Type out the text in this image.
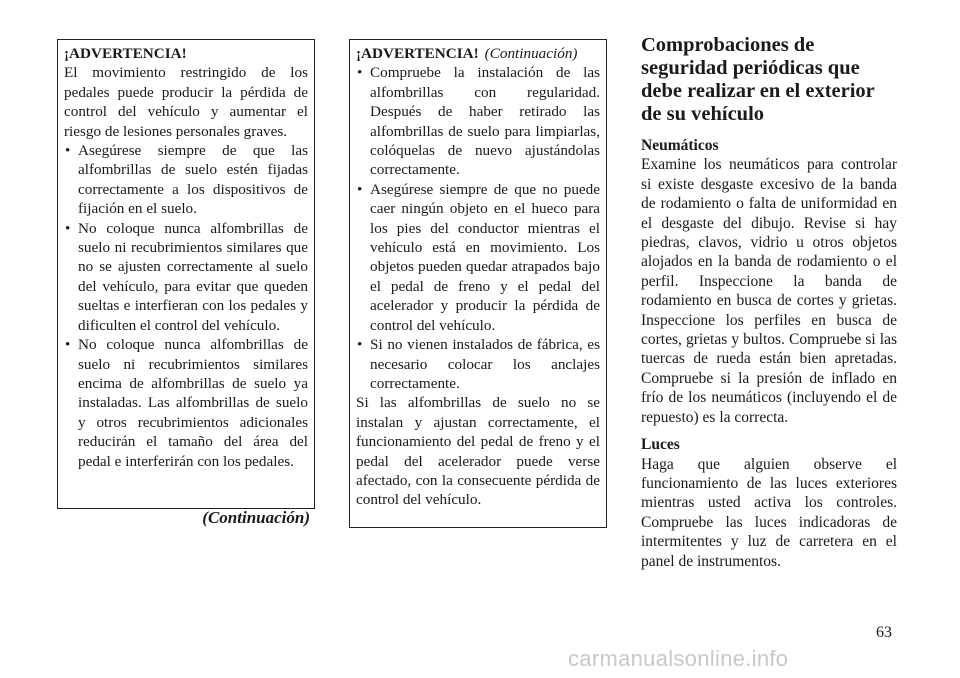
¡ADVERTENCIA!

El movimiento restringido de los pedales puede producir la pérdida de control del vehículo y aumentar el riesgo de lesiones personales graves.

• Asegúrese siempre de que las alfombrillas de suelo estén fijadas correctamente a los dispositivos de fijación en el suelo.
• No coloque nunca alfombrillas de suelo ni recubrimientos similares que no se ajusten correctamente al suelo del vehículo, para evitar que queden sueltas e interfieran con los pedales y dificulten el control del vehículo.
• No coloque nunca alfombrillas de suelo ni recubrimientos similares encima de alfombrillas de suelo ya instaladas. Las alfombrillas de suelo y otros recubrimientos adicionales reducirán el tamaño del área del pedal e interferirán con los pedales.
(Continuación)
¡ADVERTENCIA! (Continuación)
• Compruebe la instalación de las alfombrillas con regularidad. Después de haber retirado las alfombrillas de suelo para limpiarlas, colóquelas de nuevo ajustándolas correctamente.
• Asegúrese siempre de que no puede caer ningún objeto en el hueco para los pies del conductor mientras el vehículo está en movimiento. Los objetos pueden quedar atrapados bajo el pedal de freno y el pedal del acelerador y producir la pérdida de control del vehículo.
• Si no vienen instalados de fábrica, es necesario colocar los anclajes correctamente.

Si las alfombrillas de suelo no se instalan y ajustan correctamente, el funcionamiento del pedal de freno y el pedal del acelerador puede verse afectado, con la consecuente pérdida de control del vehículo.

Comprobaciones de seguridad periódicas que debe realizar en el exterior de su vehículo
Neumáticos

Examine los neumáticos para controlar si existe desgaste excesivo de la banda de rodamiento o falta de uniformidad en el desgaste del dibujo. Revise si hay piedras, clavos, vidrio u otros objetos alojados en la banda de rodamiento o el perfil. Inspeccione la banda de rodamiento en busca de cortes y grietas. Inspeccione los perfiles en busca de cortes, grietas y bultos. Compruebe si las tuercas de rueda están bien apretadas. Compruebe si la presión de inflado en frío de los neumáticos (incluyendo el de repuesto) es la correcta.

Luces

Haga que alguien observe el funcionamiento de las luces exteriores mientras usted activa los controles. Compruebe las luces indicadoras de intermitentes y luz de carretera en el panel de instrumentos.

63
carmanualsonline.info
